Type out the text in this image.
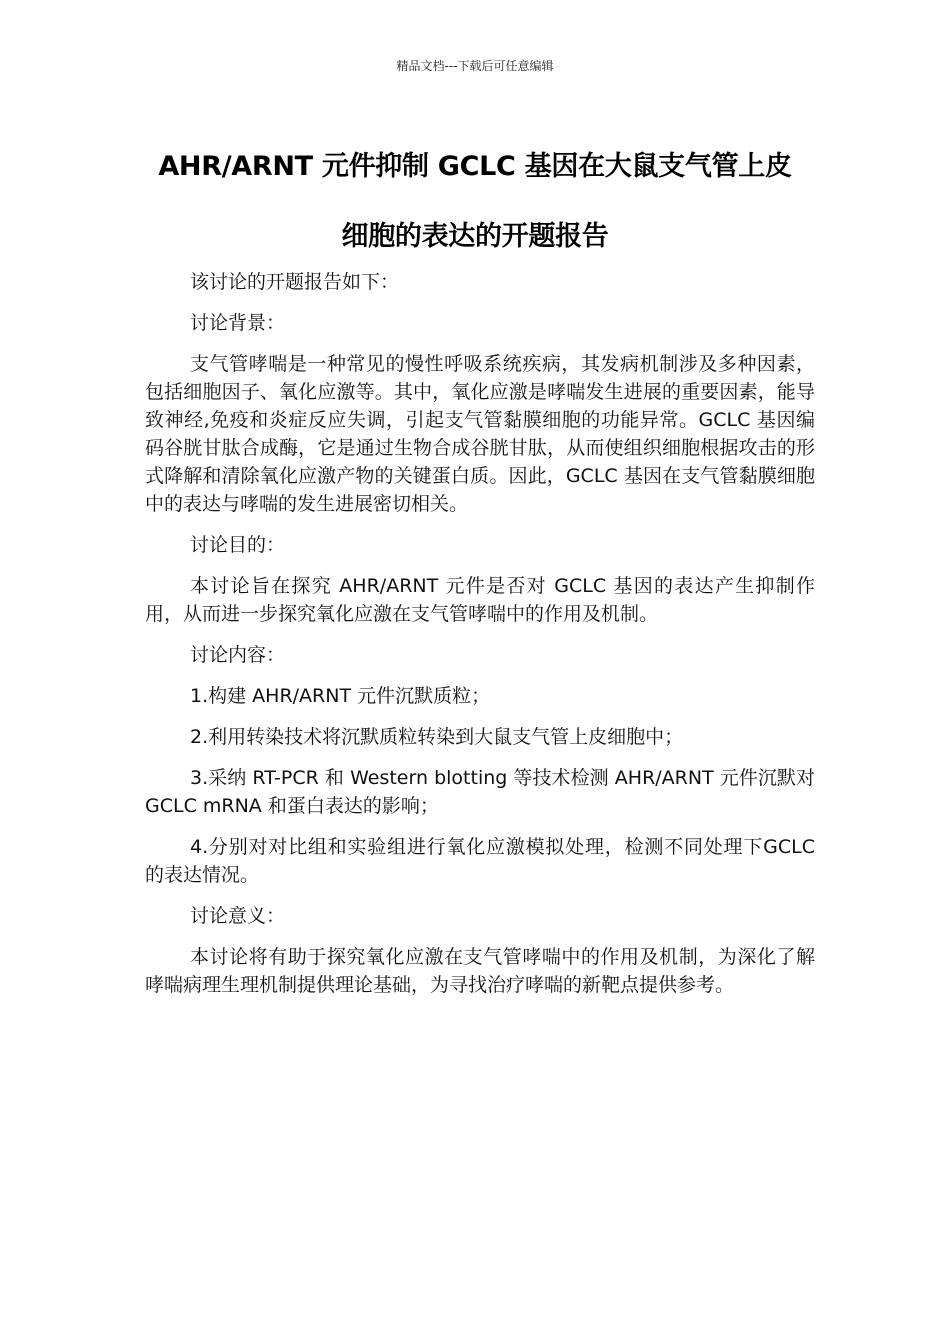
精品文档---下载后可任意编辑
AHR/ARNT 元件抑制 GCLC 基因在大鼠支气管上皮
细胞的表达的开题报告

该讨论的开题报告如下：

讨论背景：

支气管哮喘是一种常见的慢性呼吸系统疾病，其发病机制涉及多种因素，包括细胞因子、氧化应激等。其中，氧化应激是哮喘发生进展的重要因素，能导致神经,免疫和炎症反应失调，引起支气管黏膜细胞的功能异常。GCLC 基因编码谷胱甘肽合成酶，它是通过生物合成谷胱甘肽，从而使组织细胞根据攻击的形式降解和清除氧化应激产物的关键蛋白质。因此，GCLC 基因在支气管黏膜细胞中的表达与哮喘的发生进展密切相关。

讨论目的：

本讨论旨在探究 AHR/ARNT 元件是否对 GCLC 基因的表达产生抑制作用，从而进一步探究氧化应激在支气管哮喘中的作用及机制。

讨论内容：

1.构建 AHR/ARNT 元件沉默质粒；

2.利用转染技术将沉默质粒转染到大鼠支气管上皮细胞中；

3.采纳 RT-PCR 和 Western blotting 等技术检测 AHR/ARNT 元件沉默对 GCLC mRNA 和蛋白表达的影响；

4.分别对对比组和实验组进行氧化应激模拟处理，检测不同处理下GCLC 的表达情况。

讨论意义：

本讨论将有助于探究氧化应激在支气管哮喘中的作用及机制，为深化了解哮喘病理生理机制提供理论基础，为寻找治疗哮喘的新靶点提供参考。
